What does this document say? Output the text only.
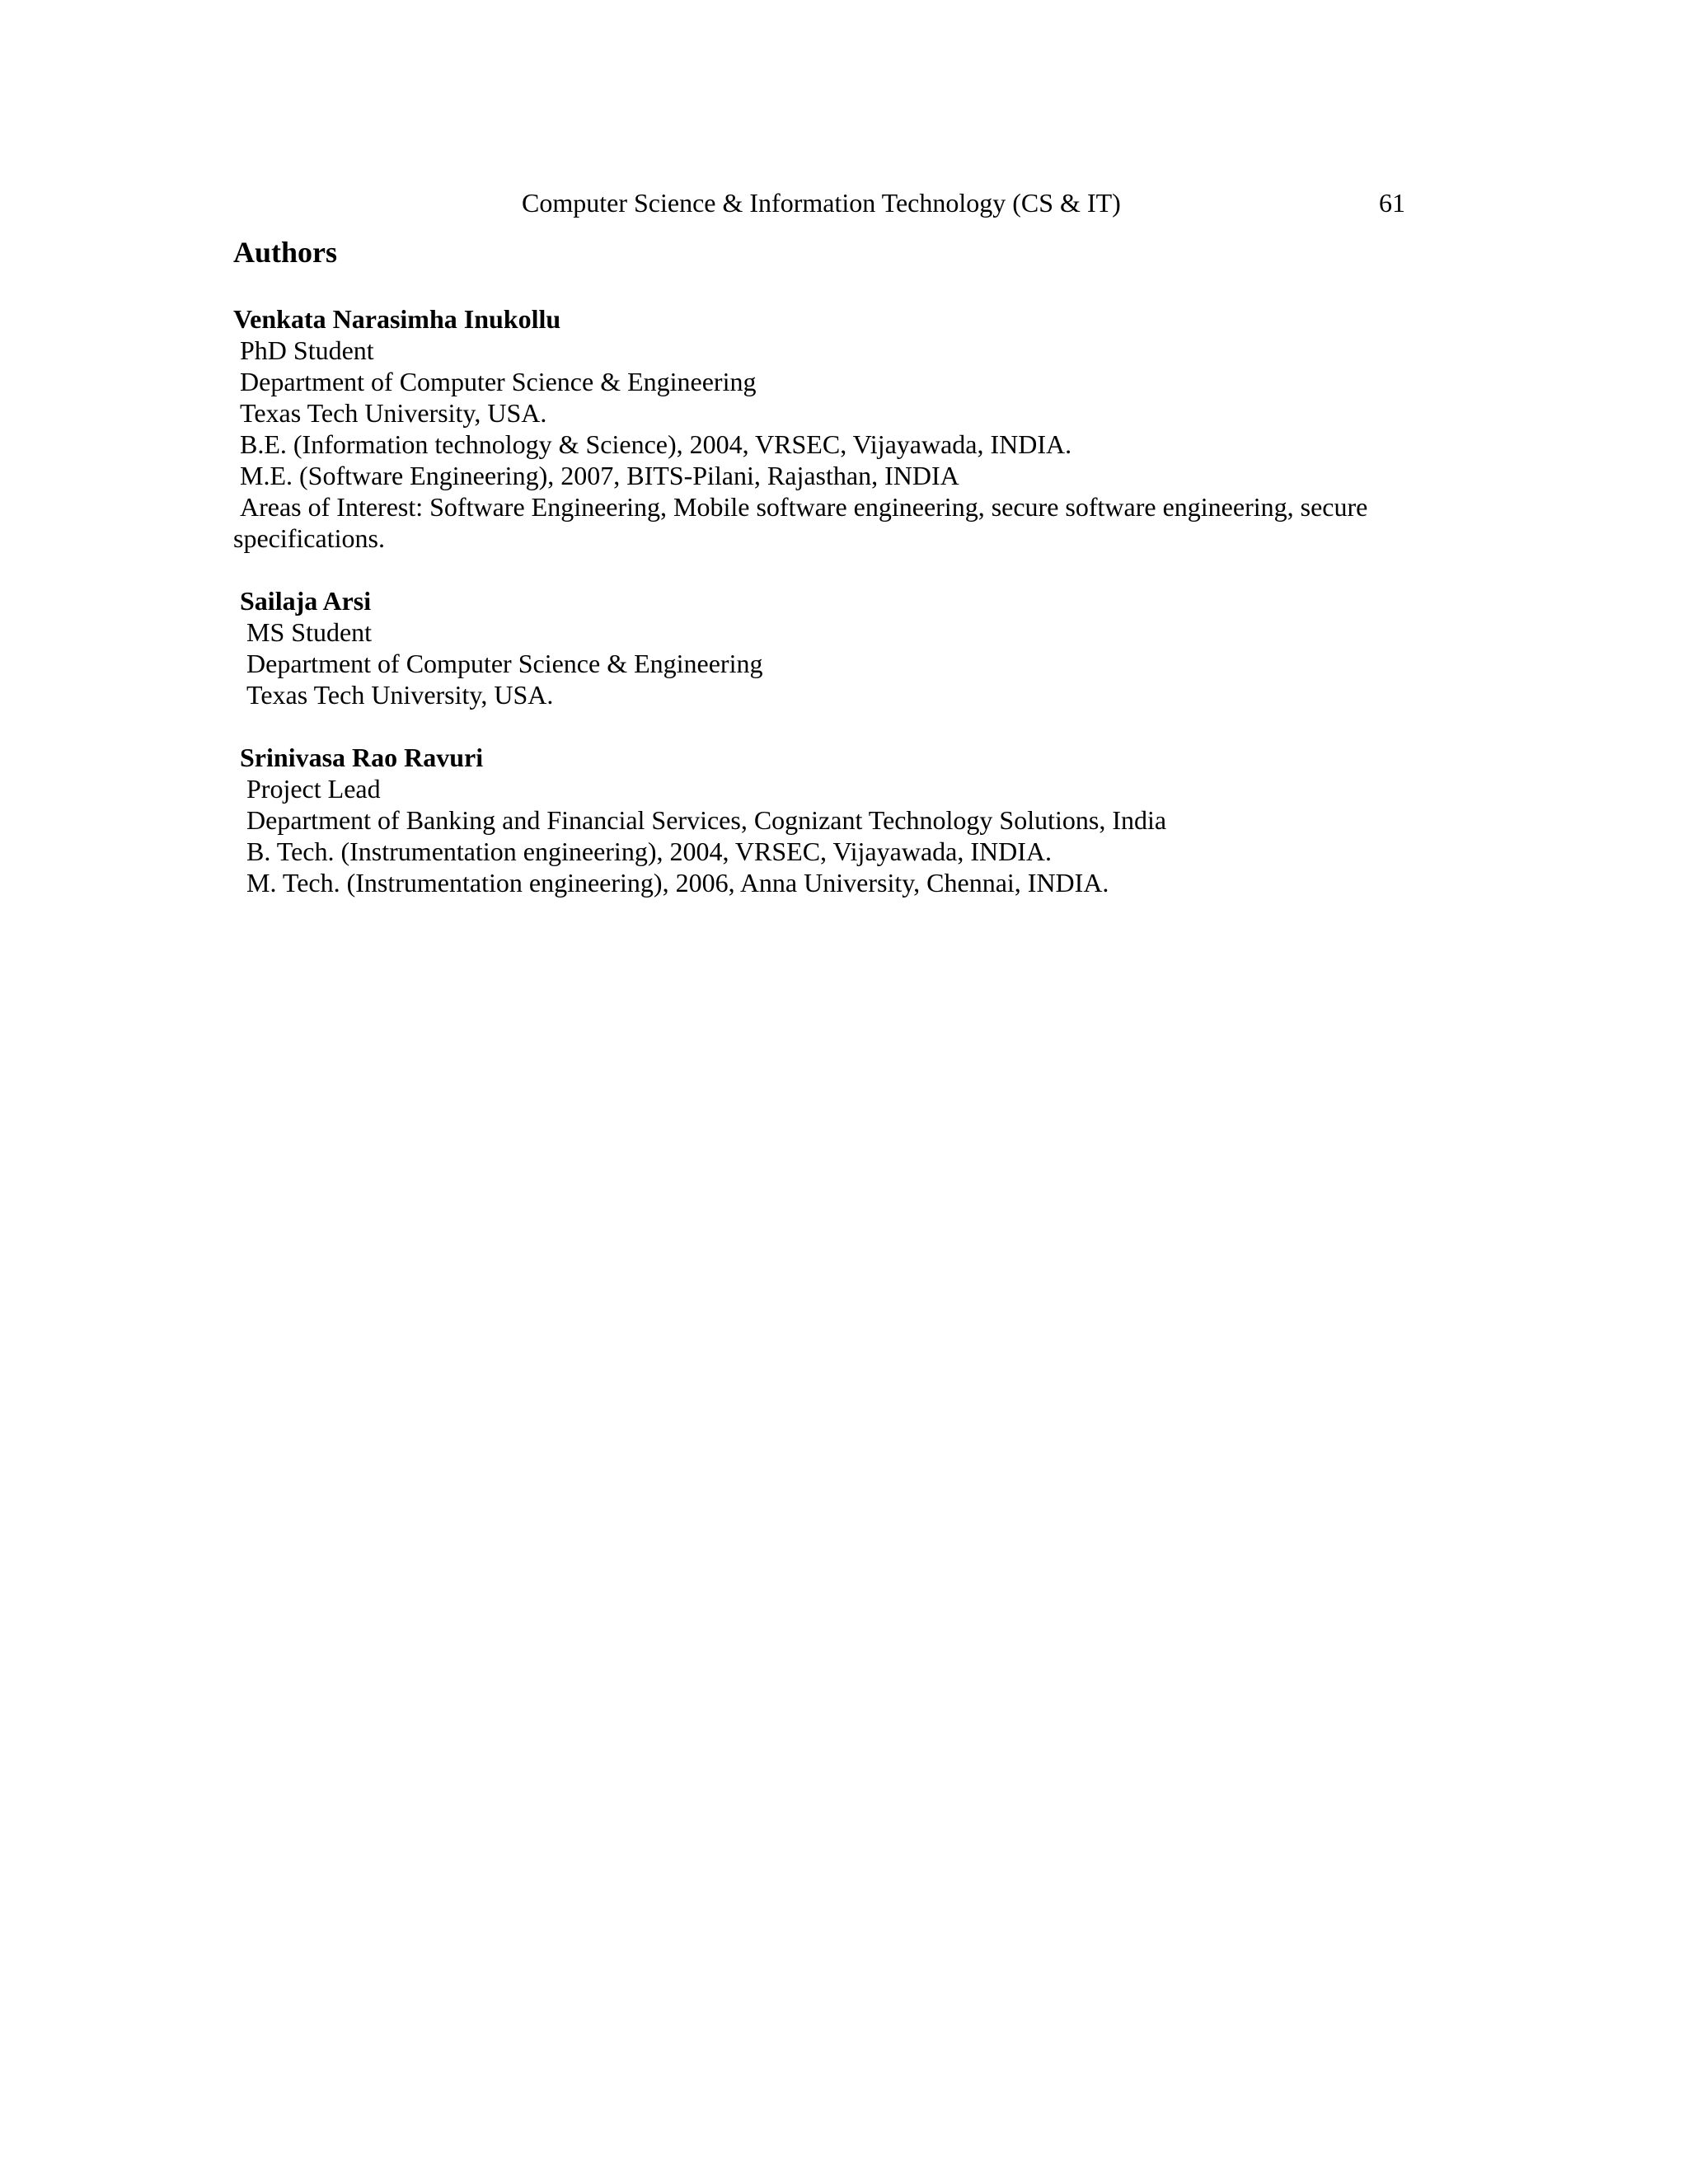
Computer Science & Information Technology (CS & IT)	61
Authors
Venkata Narasimha Inukollu
PhD Student
Department of Computer Science & Engineering
Texas Tech University, USA.
B.E. (Information technology & Science), 2004, VRSEC, Vijayawada, INDIA.
M.E. (Software Engineering), 2007, BITS-Pilani, Rajasthan, INDIA
Areas of Interest: Software Engineering, Mobile software engineering, secure software engineering, secure
specifications.
Sailaja Arsi
MS Student
Department of Computer Science & Engineering
Texas Tech University, USA.
Srinivasa Rao Ravuri
Project Lead
Department of Banking and Financial Services, Cognizant Technology Solutions, India
B. Tech. (Instrumentation engineering), 2004, VRSEC, Vijayawada, INDIA.
M. Tech. (Instrumentation engineering), 2006, Anna University, Chennai, INDIA.
